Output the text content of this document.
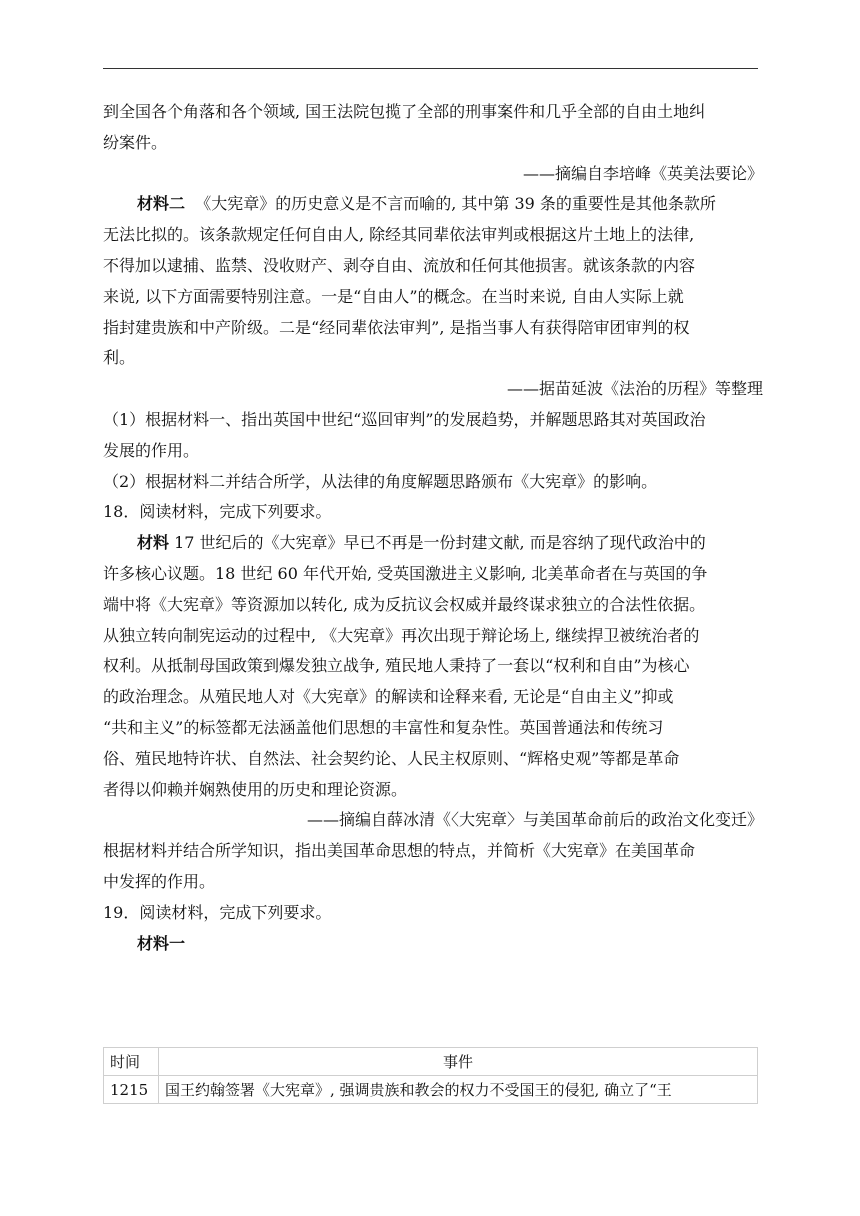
到全国各个角落和各个领域, 国王法院包揽了全部的刑事案件和几乎全部的自由土地纠

纷案件。

——摘编自李培峰《英美法要论》

材料二 《大宪章》的历史意义是不言而喻的, 其中第 39 条的重要性是其他条款所

无法比拟的。该条款规定任何自由人, 除经其同辈依法审判或根据这片土地上的法律,

不得加以逮捕、监禁、没收财产、剥夺自由、流放和任何其他损害。就该条款的内容

来说, 以下方面需要特别注意。一是“自由人”的概念。在当时来说, 自由人实际上就

指封建贵族和中产阶级。二是“经同辈依法审判”, 是指当事人有获得陪审团审判的权

利。

——据苗延波《法治的历程》等整理

（1）根据材料一、指出英国中世纪“巡回审判”的发展趋势，并解题思路其对英国政治

发展的作用。

（2）根据材料二并结合所学，从法律的角度解题思路颁布《大宪章》的影响。

18．阅读材料，完成下列要求。

材料 17 世纪后的《大宪章》早已不再是一份封建文献, 而是容纳了现代政治中的

许多核心议题。18 世纪 60 年代开始, 受英国激进主义影响, 北美革命者在与英国的争

端中将《大宪章》等资源加以转化, 成为反抗议会权威并最终谋求独立的合法性依据。

从独立转向制宪运动的过程中, 《大宪章》再次出现于辩论场上, 继续捍卫被统治者的

权利。从抵制母国政策到爆发独立战争, 殖民地人秉持了一套以“权利和自由”为核心

的政治理念。从殖民地人对《大宪章》的解读和诠释来看, 无论是“自由主义”抑或

“共和主义”的标签都无法涵盖他们思想的丰富性和复杂性。英国普通法和传统习

俗、殖民地特许状、自然法、社会契约论、人民主权原则、“辉格史观”等都是革命

者得以仰赖并娴熟使用的历史和理论资源。

——摘编自薛冰清《〈大宪章〉与美国革命前后的政治文化变迁》

根据材料并结合所学知识，指出美国革命思想的特点，并简析《大宪章》在美国革命

中发挥的作用。

19．阅读材料，完成下列要求。

材料一

时间	事件
1215	国王约翰签署《大宪章》, 强调贵族和教会的权力不受国王的侵犯, 确立了“王
